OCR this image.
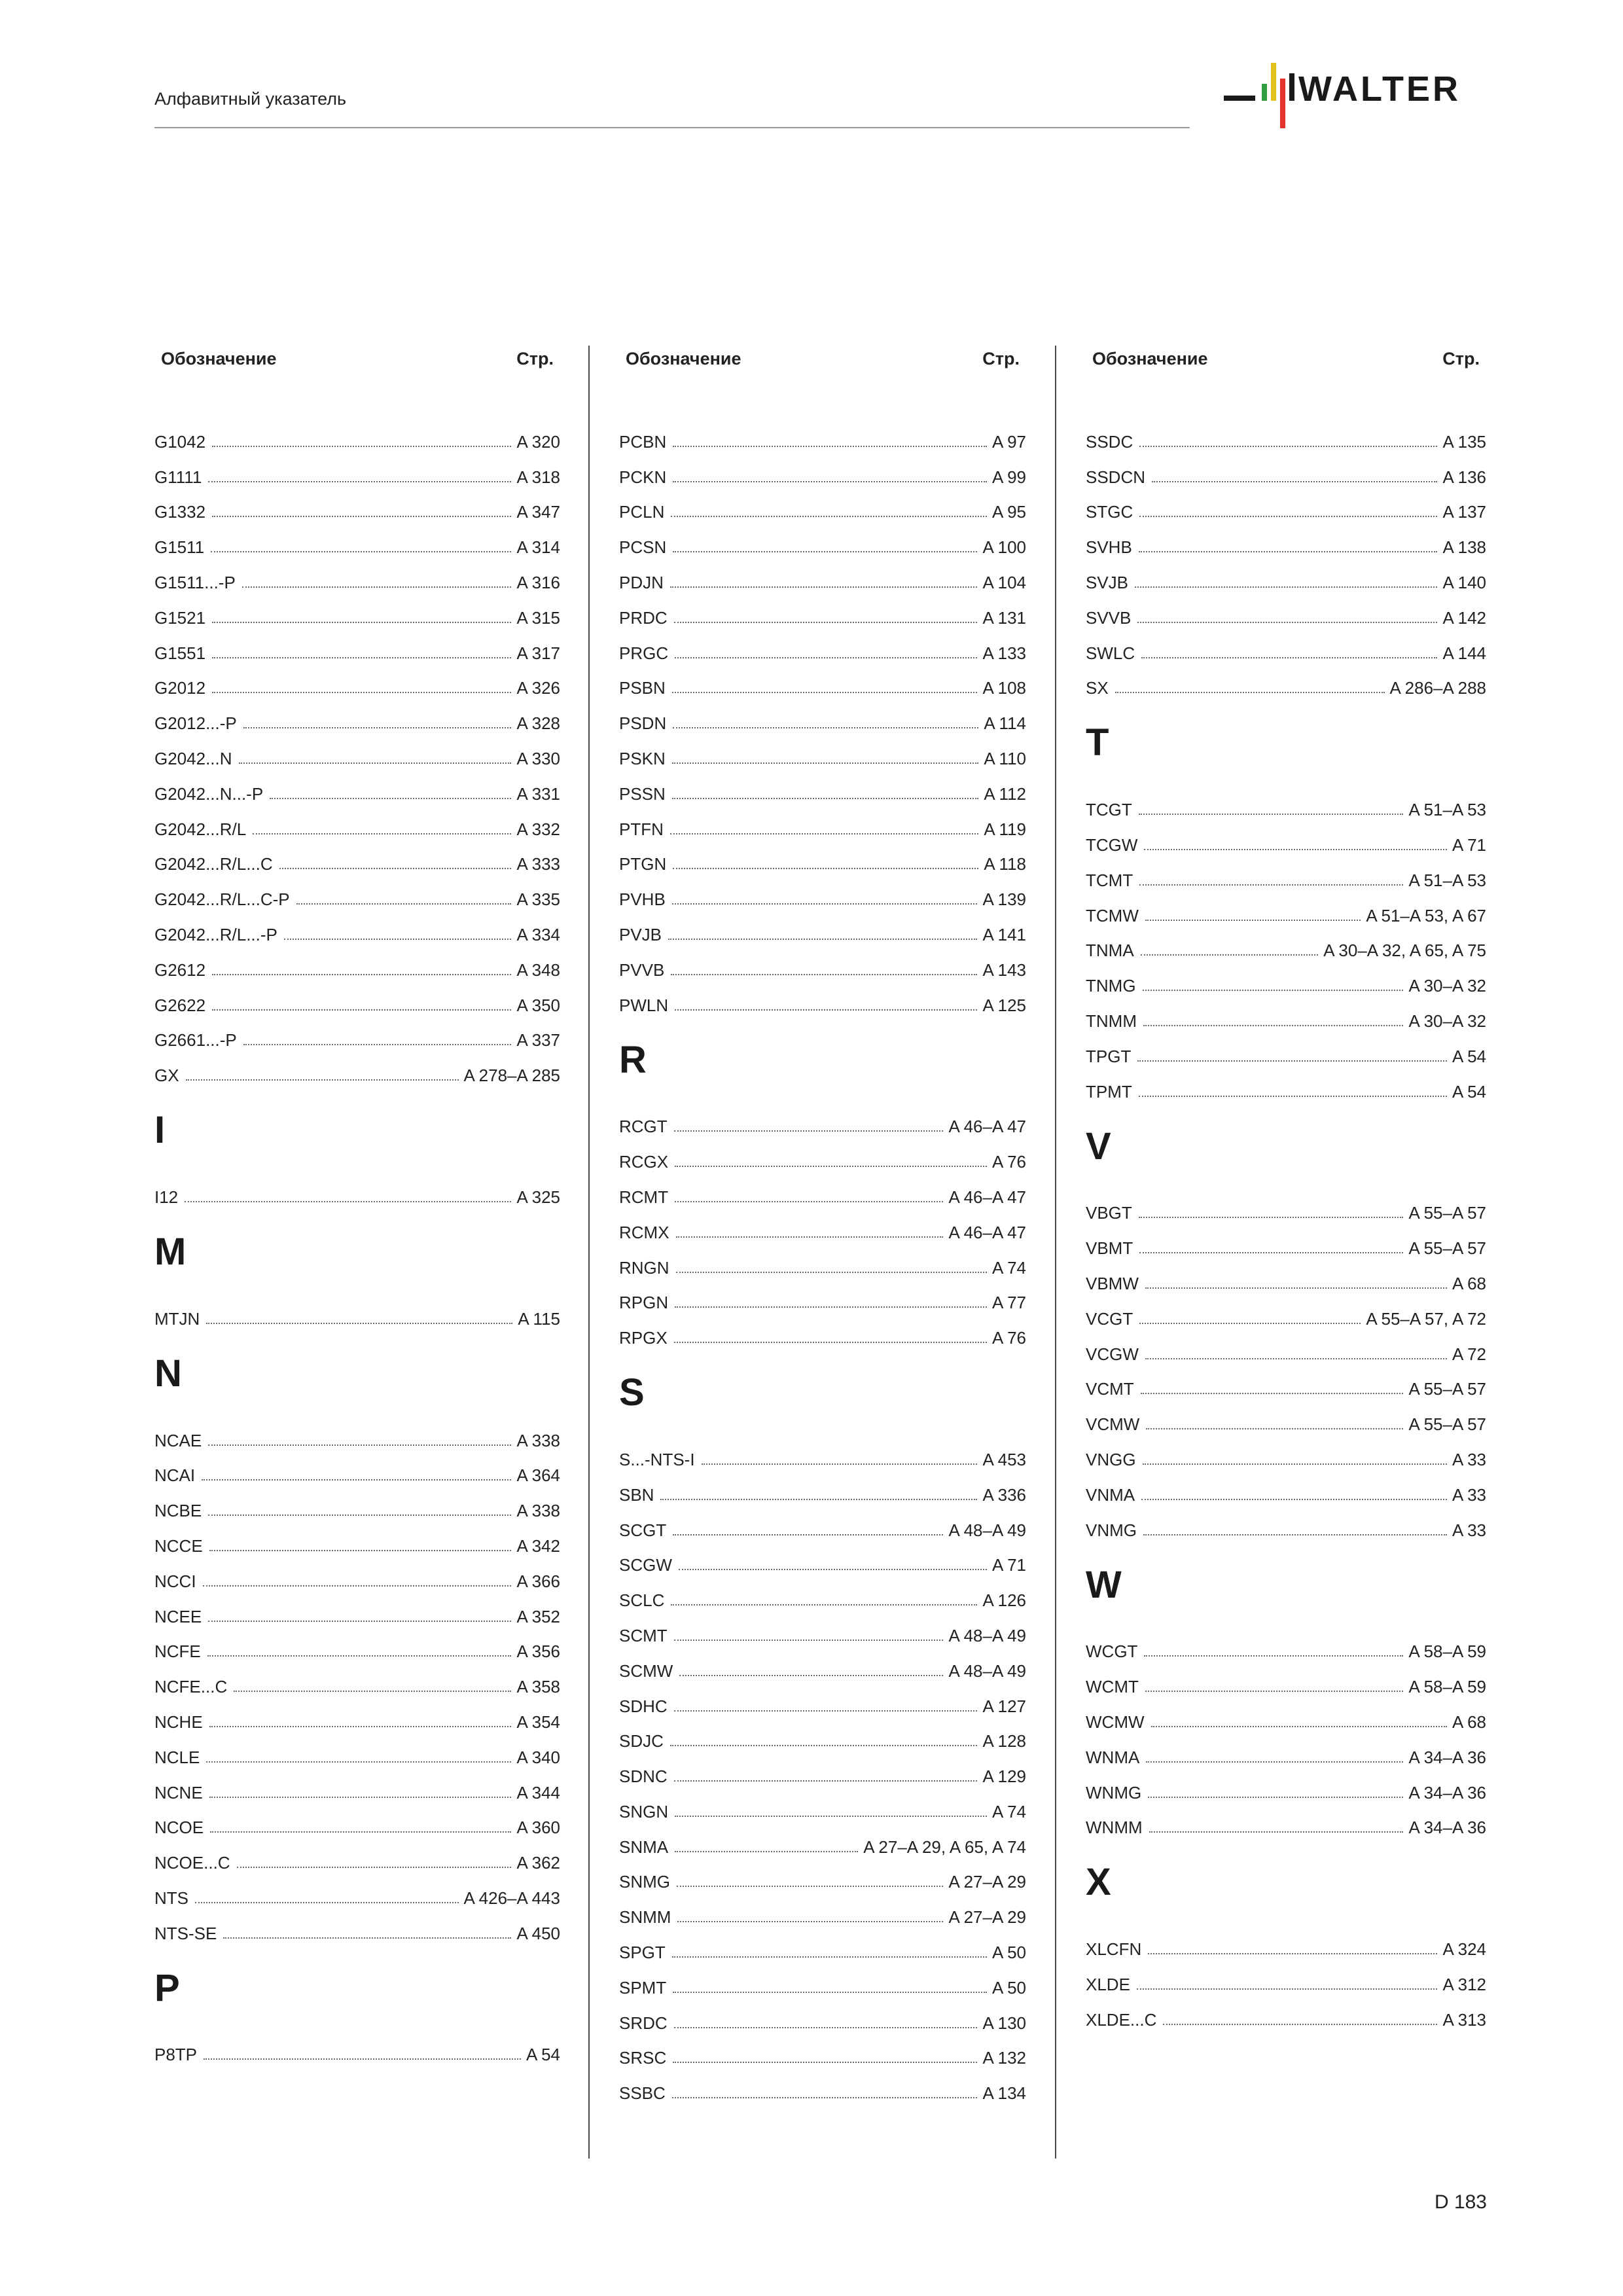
Алфавитный указатель	WALTER
Обозначение	Стр.
G1042	A 320
G1111	A 318
G1332	A 347
G1511	A 314
G1511...-P	A 316
G1521	A 315
G1551	A 317
G2012	A 326
G2012...-P	A 328
G2042...N	A 330
G2042...N...-P	A 331
G2042...R/L	A 332
G2042...R/L...C	A 333
G2042...R/L...C-P	A 335
G2042...R/L...-P	A 334
G2612	A 348
G2622	A 350
G2661...-P	A 337
GX	A 278–A 285
I
I12	A 325
M
MTJN	A 115
N
NCAE	A 338
NCAI	A 364
NCBE	A 338
NCCE	A 342
NCCI	A 366
NCEE	A 352
NCFE	A 356
NCFE...C	A 358
NCHE	A 354
NCLE	A 340
NCNE	A 344
NCOE	A 360
NCOE...C	A 362
NTS	A 426–A 443
NTS-SE	A 450
P
P8TP	A 54
Обозначение	Стр.
PCBN	A 97
PCKN	A 99
PCLN	A 95
PCSN	A 100
PDJN	A 104
PRDC	A 131
PRGC	A 133
PSBN	A 108
PSDN	A 114
PSKN	A 110
PSSN	A 112
PTFN	A 119
PTGN	A 118
PVHB	A 139
PVJB	A 141
PVVB	A 143
PWLN	A 125
R
RCGT	A 46–A 47
RCGX	A 76
RCMT	A 46–A 47
RCMX	A 46–A 47
RNGN	A 74
RPGN	A 77
RPGX	A 76
S
S...-NTS-I	A 453
SBN	A 336
SCGT	A 48–A 49
SCGW	A 71
SCLC	A 126
SCMT	A 48–A 49
SCMW	A 48–A 49
SDHC	A 127
SDJC	A 128
SDNC	A 129
SNGN	A 74
SNMA	A 27–A 29, A 65, A 74
SNMG	A 27–A 29
SNMM	A 27–A 29
SPGT	A 50
SPMT	A 50
SRDC	A 130
SRSC	A 132
SSBC	A 134
Обозначение	Стр.
SSDC	A 135
SSDCN	A 136
STGC	A 137
SVHB	A 138
SVJB	A 140
SVVB	A 142
SWLC	A 144
SX	A 286–A 288
T
TCGT	A 51–A 53
TCGW	A 71
TCMT	A 51–A 53
TCMW	A 51–A 53, A 67
TNMA	A 30–A 32, A 65, A 75
TNMG	A 30–A 32
TNMM	A 30–A 32
TPGT	A 54
TPMT	A 54
V
VBGT	A 55–A 57
VBMT	A 55–A 57
VBMW	A 68
VCGT	A 55–A 57, A 72
VCGW	A 72
VCMT	A 55–A 57
VCMW	A 55–A 57
VNGG	A 33
VNMA	A 33
VNMG	A 33
W
WCGT	A 58–A 59
WCMT	A 58–A 59
WCMW	A 68
WNMA	A 34–A 36
WNMG	A 34–A 36
WNMM	A 34–A 36
X
XLCFN	A 324
XLDE	A 312
XLDE...C	A 313
D 183
